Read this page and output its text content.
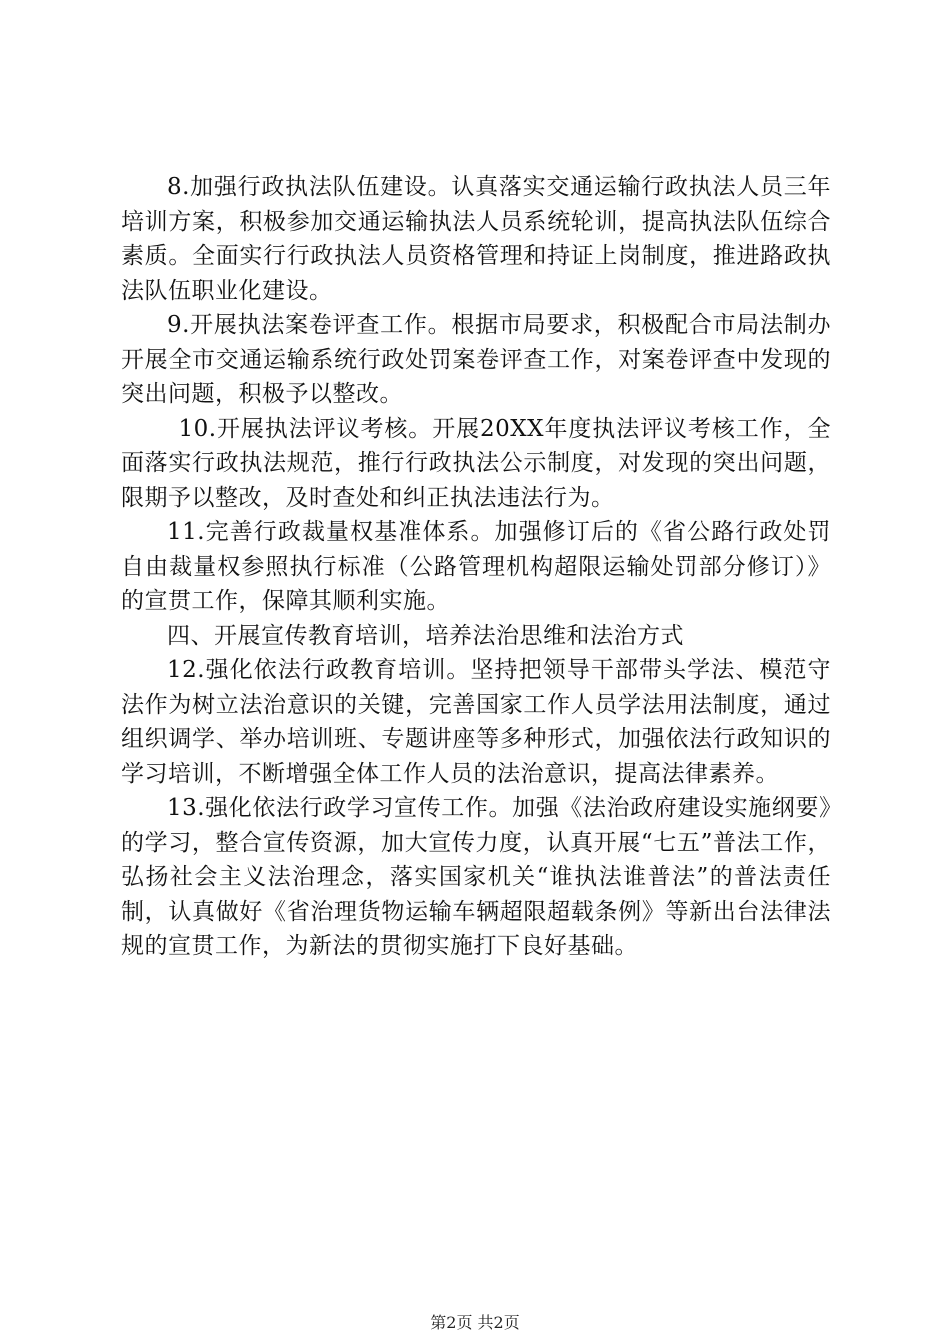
8.加强行政执法队伍建设。认真落实交通运输行政执法人员三年培训方案，积极参加交通运输执法人员系统轮训，提高执法队伍综合素质。全面实行行政执法人员资格管理和持证上岗制度，推进路政执法队伍职业化建设。

9.开展执法案卷评查工作。根据市局要求，积极配合市局法制办开展全市交通运输系统行政处罚案卷评查工作，对案卷评查中发现的突出问题，积极予以整改。

10.开展执法评议考核。开展20XX年度执法评议考核工作，全面落实行政执法规范，推行行政执法公示制度，对发现的突出问题，限期予以整改，及时查处和纠正执法违法行为。

11.完善行政裁量权基准体系。加强修订后的《省公路行政处罚自由裁量权参照执行标准（公路管理机构超限运输处罚部分修订）》的宣贯工作，保障其顺利实施。

四、开展宣传教育培训，培养法治思维和法治方式

12.强化依法行政教育培训。坚持把领导干部带头学法、模范守法作为树立法治意识的关键，完善国家工作人员学法用法制度，通过组织调学、举办培训班、专题讲座等多种形式，加强依法行政知识的学习培训，不断增强全体工作人员的法治意识，提高法律素养。

13.强化依法行政学习宣传工作。加强《法治政府建设实施纲要》的学习，整合宣传资源，加大宣传力度，认真开展“七五”普法工作，弘扬社会主义法治理念，落实国家机关“谁执法谁普法”的普法责任制，认真做好《省治理货物运输车辆超限超载条例》等新出台法律法规的宣贯工作，为新法的贯彻实施打下良好基础。

第2页 共2页
